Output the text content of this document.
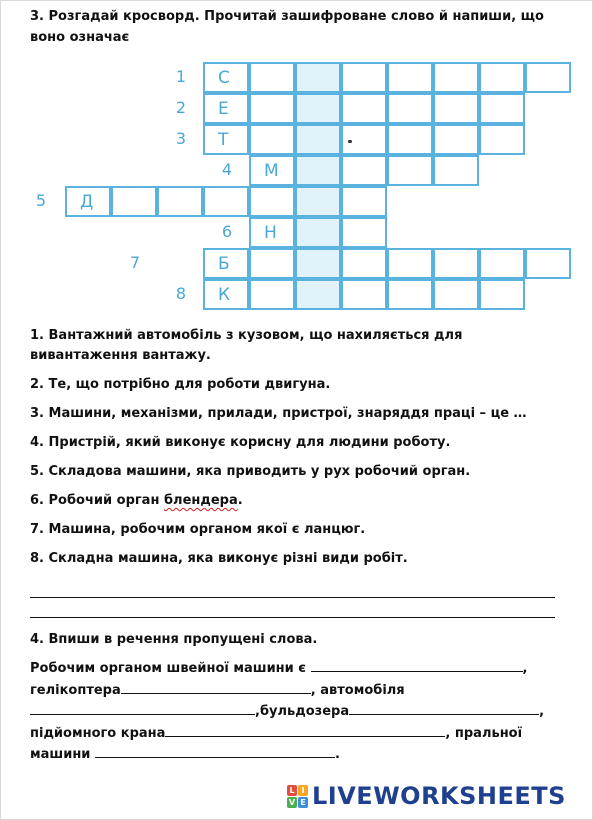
3. Розгадай кросворд. Прочитай зашифроване слово й напиши, що воно означає
1 С
2 Е
3 Т
4 М
5 Д
6 Н
7	Б
8 К
1. Вантажний автомобіль з кузовом, що нахиляється для вивантаження вантажу.
2. Те, що потрібно для роботи двигуна.
3. Машини, механізми, прилади, пристрої, знаряддя праці – це …
4. Пристрій, який виконує корисну для людини роботу.
5. Складова машини, яка приводить у рух робочий орган.
6. Робочий орган блендера.
7. Машина, робочим органом якої є ланцюг.
8. Складна машина, яка виконує різні види робіт.
4. Впиши в речення пропущені слова.
Робочим органом швейної машини є	,
гелікоптера	, автомобіля
,бульдозера	,
підйомного крана	, пральної
машини	.
L I
V E LIVEWORKSHEETS
